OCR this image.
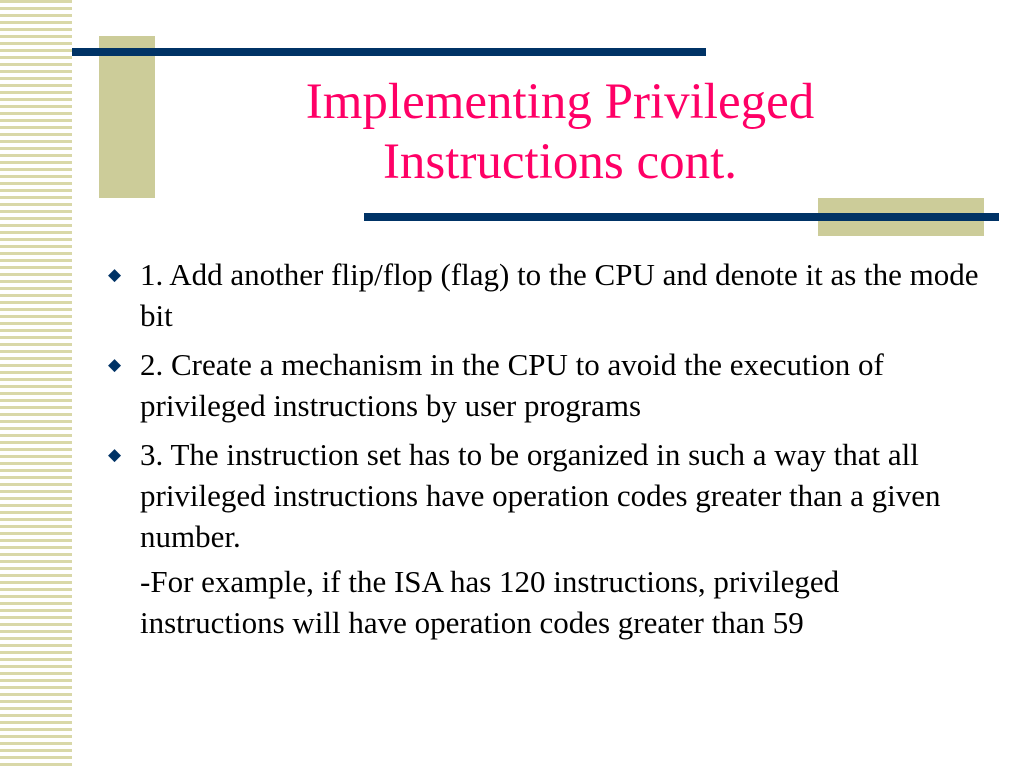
Implementing Privileged
Instructions cont.
◆ 1. Add another flip/flop (flag) to the CPU and denote it as the mode bit
◆ 2. Create a mechanism in the CPU to avoid the execution of privileged instructions by user programs
◆ 3. The instruction set has to be organized in such a way that all privileged instructions have operation codes greater than a given number.
-For example, if the ISA has 120 instructions, privileged instructions will have operation codes greater than 59
